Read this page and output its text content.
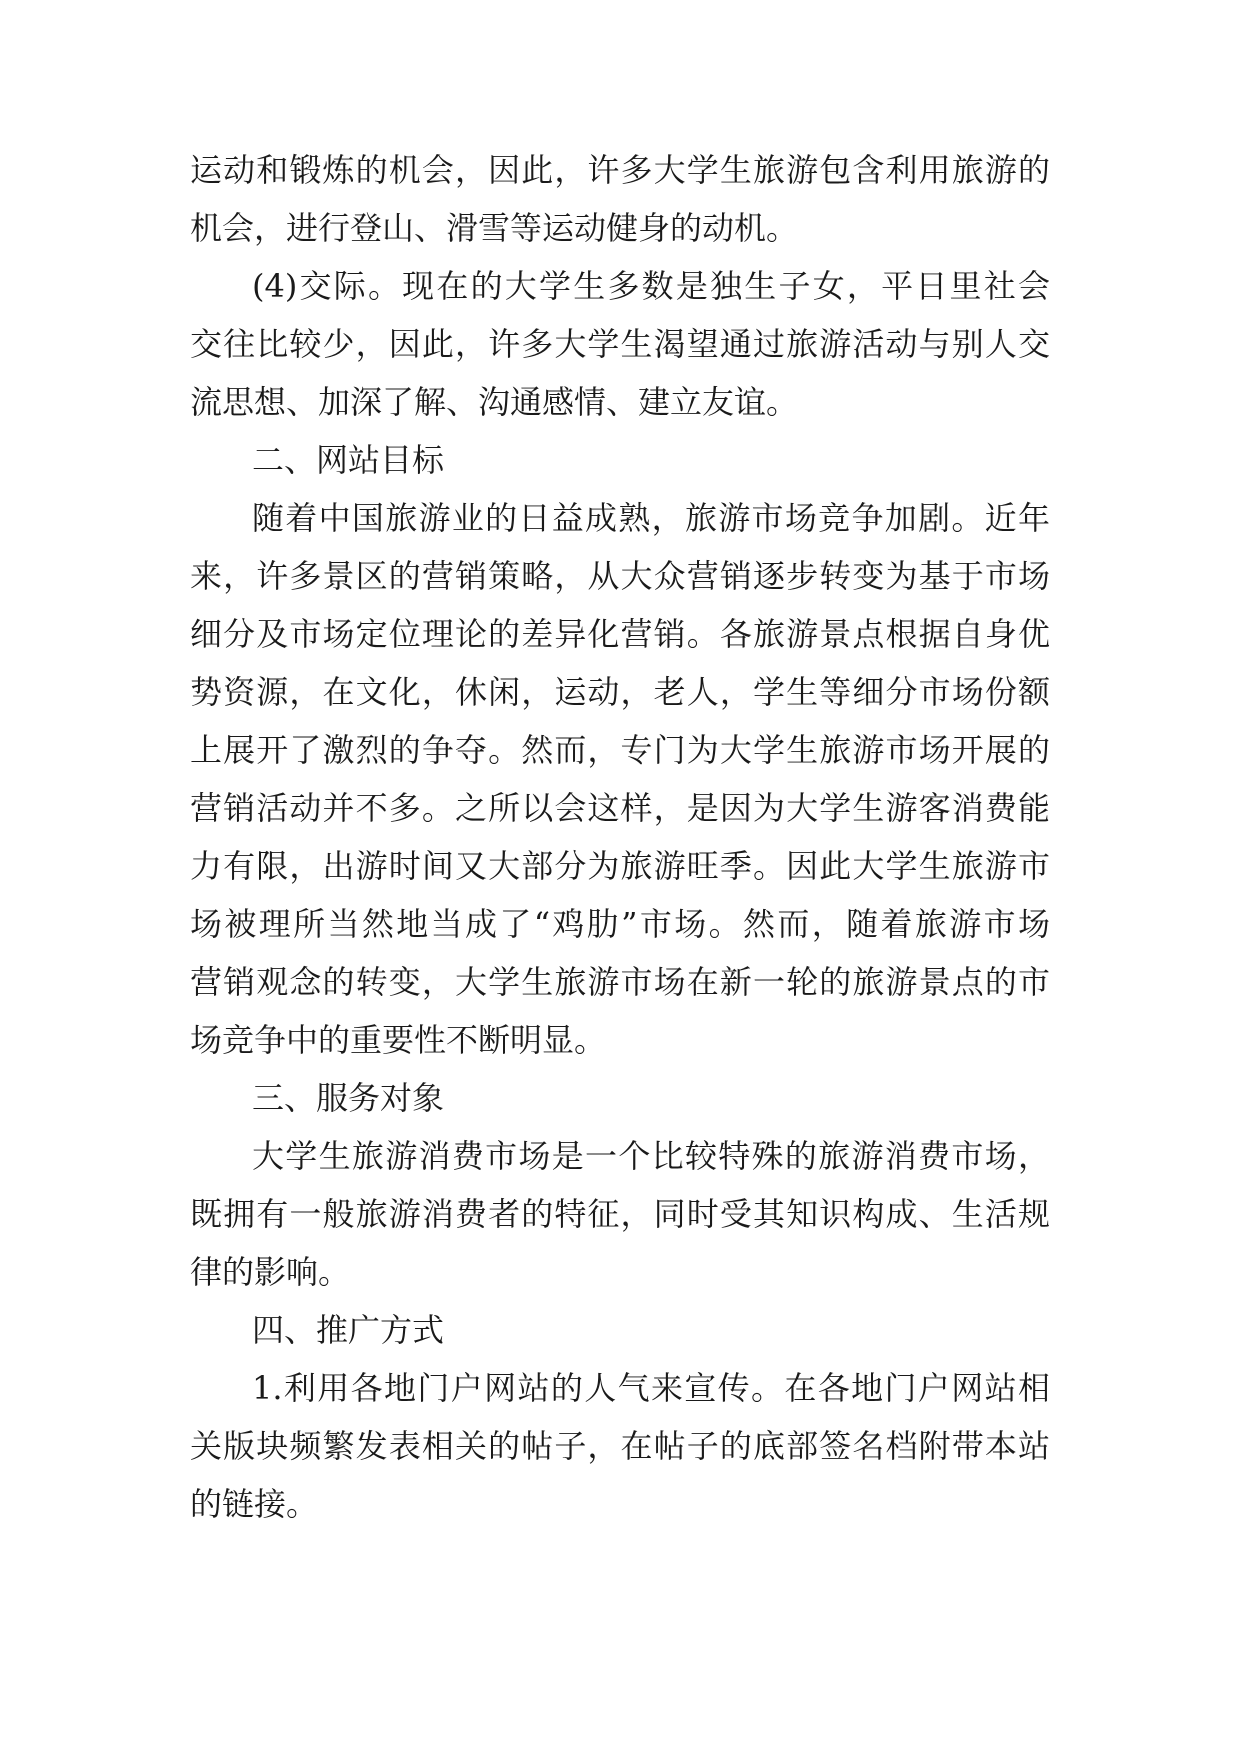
运动和锻炼的机会，因此，许多大学生旅游包含利用旅游的
机会，进行登山、滑雪等运动健身的动机。
(4)交际。现在的大学生多数是独生子女，平日里社会
交往比较少，因此，许多大学生渴望通过旅游活动与别人交
流思想、加深了解、沟通感情、建立友谊。
二、网站目标
随着中国旅游业的日益成熟，旅游市场竞争加剧。近年
来，许多景区的营销策略，从大众营销逐步转变为基于市场
细分及市场定位理论的差异化营销。各旅游景点根据自身优
势资源，在文化，休闲，运动，老人，学生等细分市场份额
上展开了激烈的争夺。然而，专门为大学生旅游市场开展的
营销活动并不多。之所以会这样，是因为大学生游客消费能
力有限，出游时间又大部分为旅游旺季。因此大学生旅游市
场被理所当然地当成了“鸡肋”市场。然而，随着旅游市场
营销观念的转变，大学生旅游市场在新一轮的旅游景点的市
场竞争中的重要性不断明显。
三、服务对象
大学生旅游消费市场是一个比较特殊的旅游消费市场，
既拥有一般旅游消费者的特征，同时受其知识构成、生活规
律的影响。
四、推广方式
1.利用各地门户网站的人气来宣传。在各地门户网站相
关版块频繁发表相关的帖子，在帖子的底部签名档附带本站
的链接。
